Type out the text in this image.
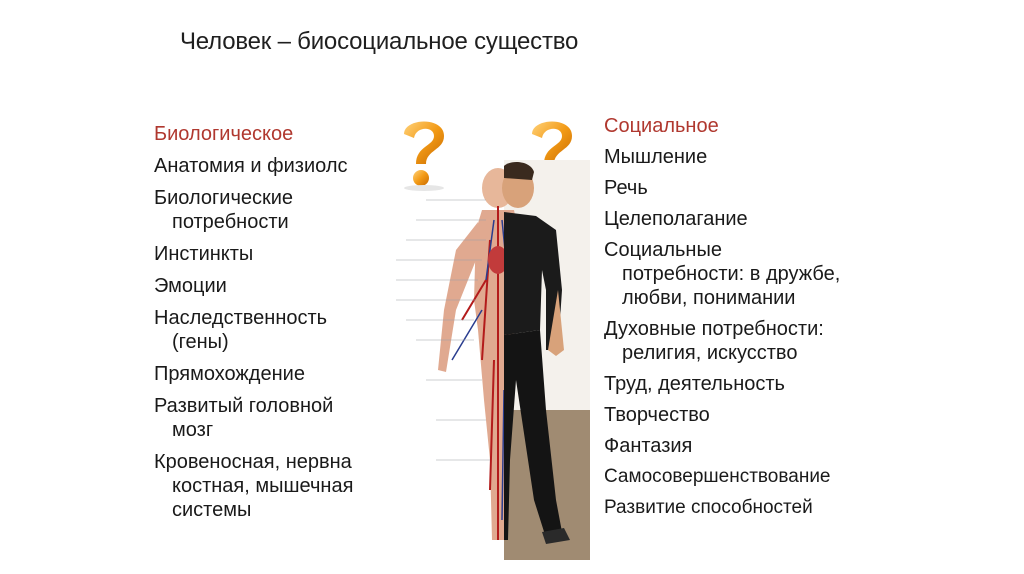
Человек – биосоциальное существо
Биологическое
Анатомия и физиолс
Биологические
потребности
Инстинкты
Эмоции
Наследственность
(гены)
Прямохождение
Развитый головной
мозг
Кровеносная, нервна
костная, мышечная
системы
Социальное
Мышление
Речь
Целеполагание
Социальные
потребности: в дружбе,
любви, понимании
Духовные потребности:
религия, искусство
Труд, деятельность
Творчество
Фантазия
Самосовершенствование
Развитие способностей
